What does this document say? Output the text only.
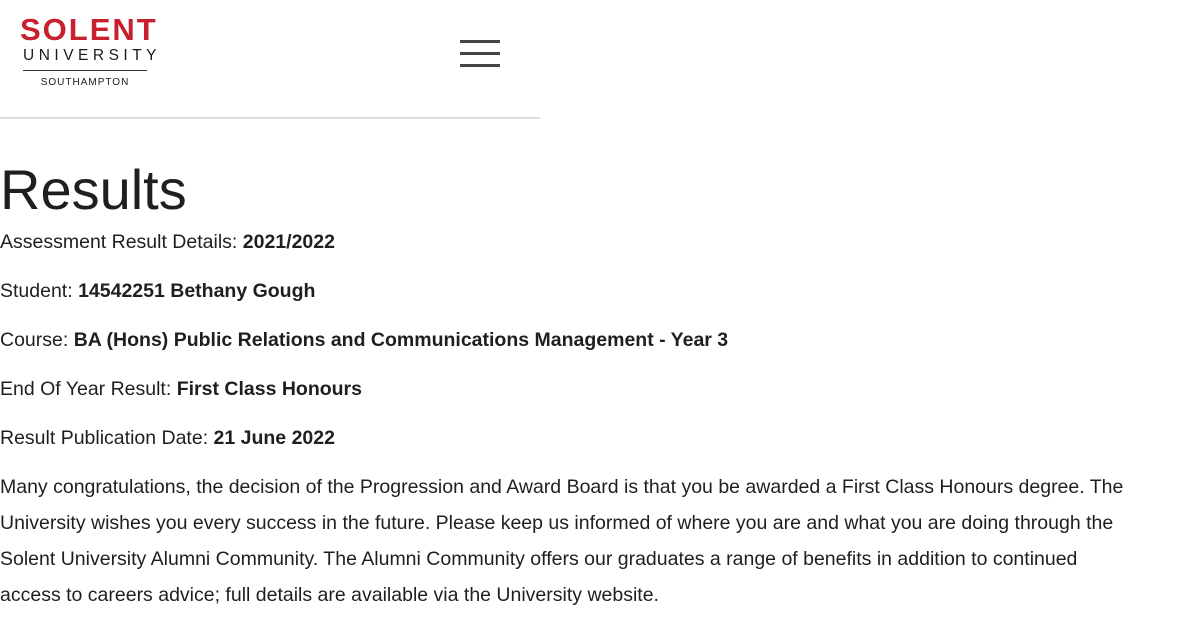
SOLENT
UNIVERSITY
SOUTHAMPTON
Results

Assessment Result Details: 2021/2022

Student: 14542251 Bethany Gough

Course: BA (Hons) Public Relations and Communications Management - Year 3

End Of Year Result: First Class Honours

Result Publication Date: 21 June 2022

Many congratulations, the decision of the Progression and Award Board is that you be awarded a First Class Honours degree. The
University wishes you every success in the future. Please keep us informed of where you are and what you are doing through the
Solent University Alumni Community. The Alumni Community offers our graduates a range of benefits in addition to continued
access to careers advice; full details are available via the University website.
